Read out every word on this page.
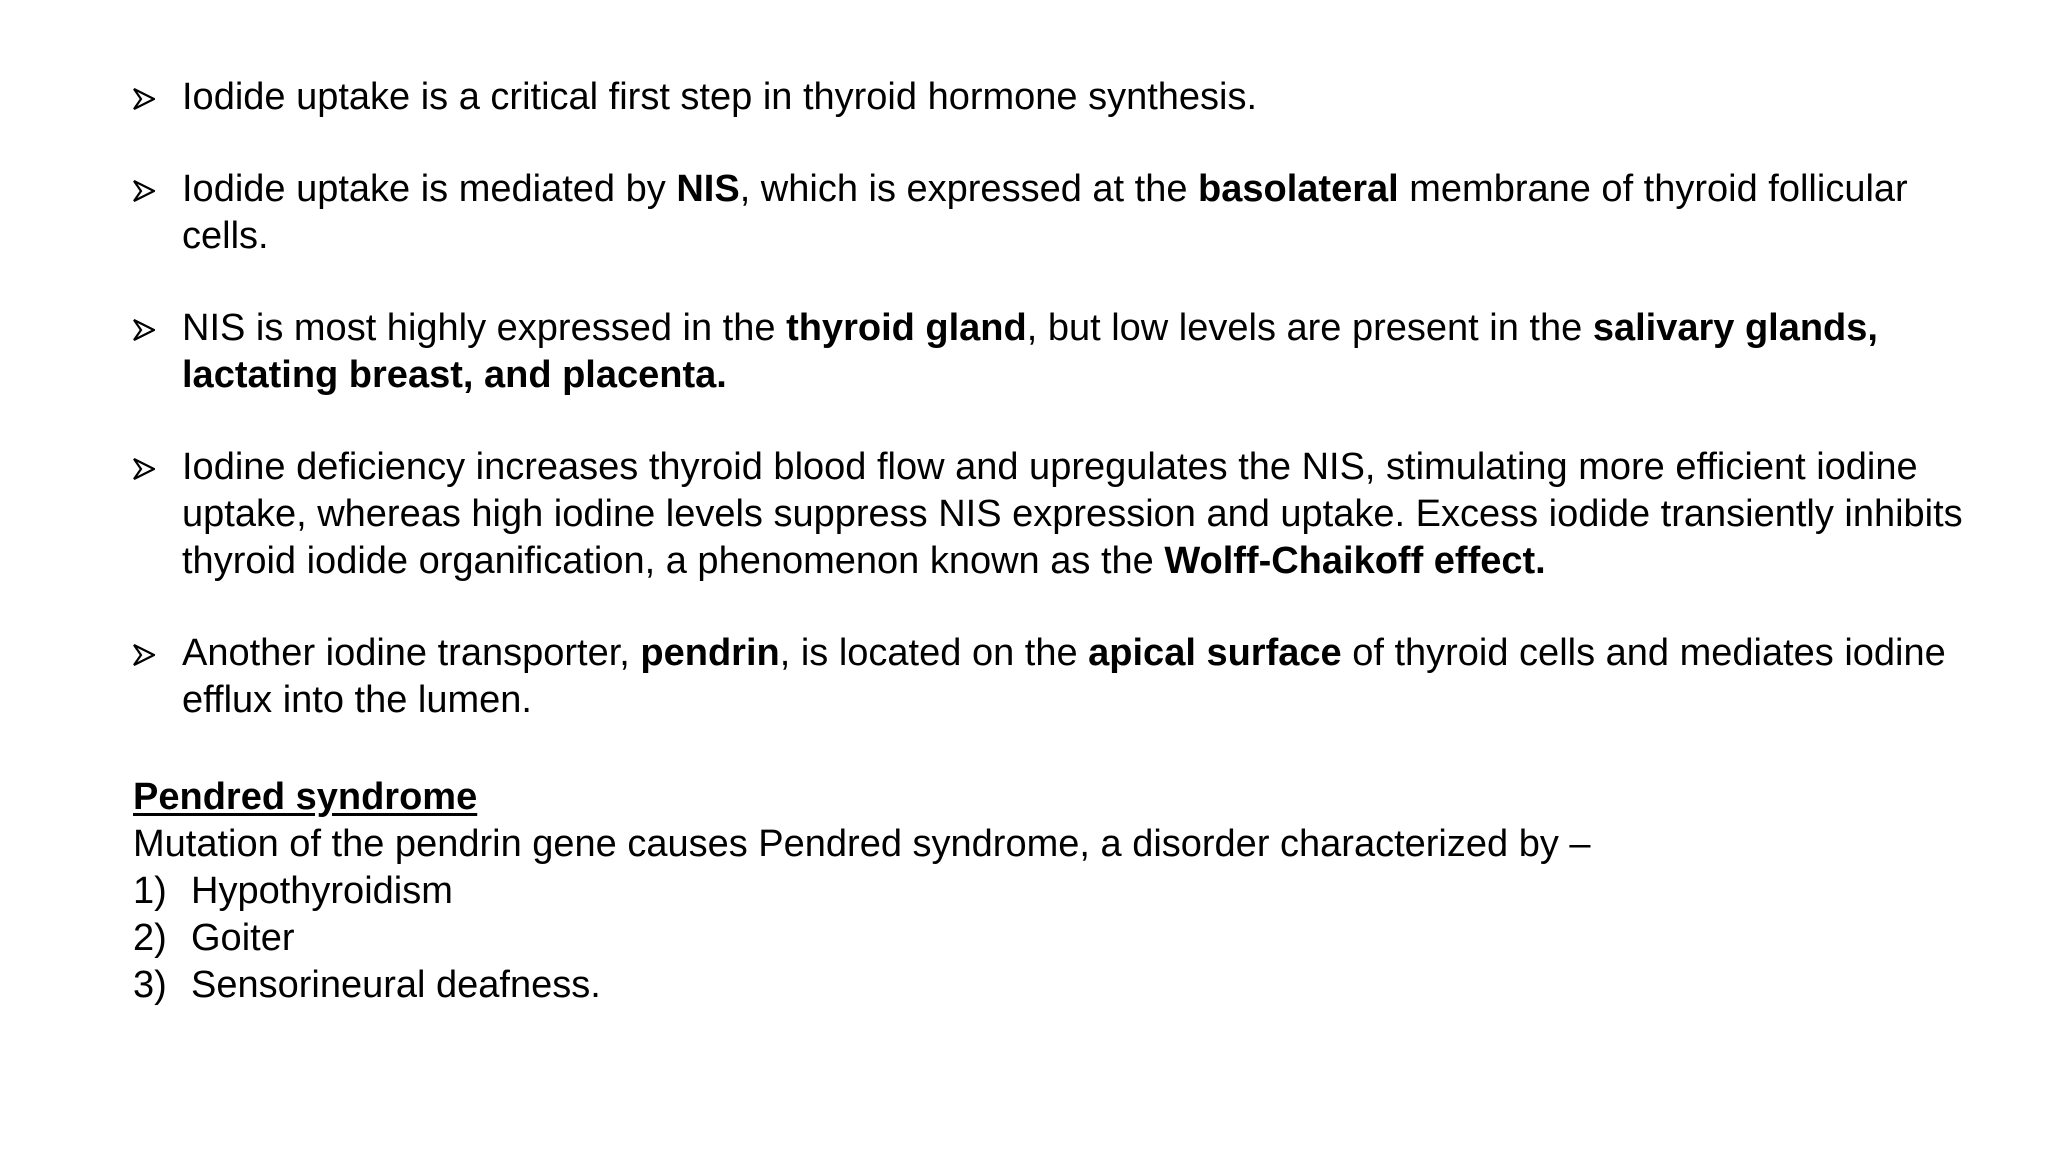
Iodide uptake is a critical first step in thyroid hormone synthesis.
Iodide uptake is mediated by NIS, which is expressed at the basolateral membrane of thyroid follicular cells.
NIS is most highly expressed in the thyroid gland, but low levels are present in the salivary glands, lactating breast, and placenta.
Iodine deficiency increases thyroid blood flow and upregulates the NIS, stimulating more efficient iodine uptake, whereas high iodine levels suppress NIS expression and uptake. Excess iodide transiently inhibits thyroid iodide organification, a phenomenon known as the Wolff-Chaikoff effect.
Another iodine transporter, pendrin, is located on the apical surface of thyroid cells and mediates iodine efflux into the lumen.
Pendred syndrome
Mutation of the pendrin gene causes Pendred syndrome, a disorder characterized by –
1) Hypothyroidism
2) Goiter
3) Sensorineural deafness.
